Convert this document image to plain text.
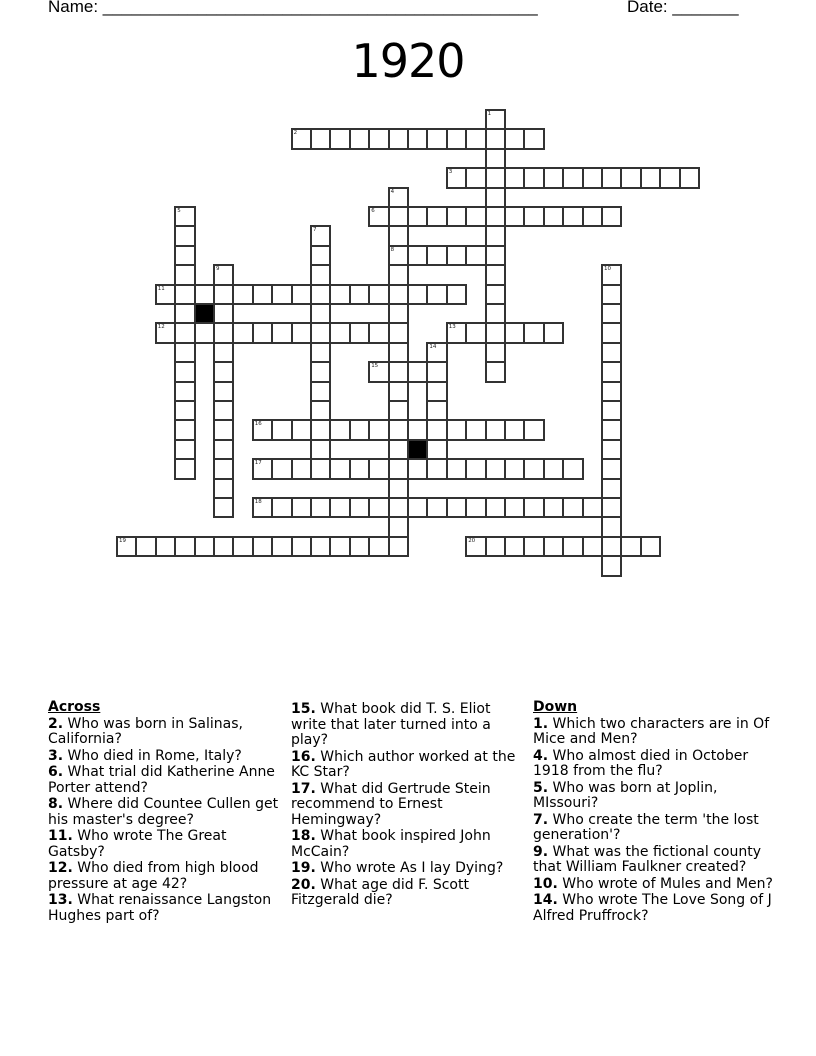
Name: ______________________________________________	Date: _______
1920
1
2
3
4
8
5	6
7
9	10
11
12	13
14
15
16
17
18
19	20
Across
2. Who was born in Salinas, California?
3. Who died in Rome, Italy?
6. What trial did Katherine Anne Porter attend?
8. Where did Countee Cullen get his master's degree?
11. Who wrote The Great Gatsby?
12. Who died from high blood pressure at age 42?
13. What renaissance Langston Hughes part of?
15. What book did T. S. Eliot write that later turned into a play?
16. Which author worked at the KC Star?
17. What did Gertrude Stein recommend to Ernest Hemingway?
18. What book inspired John McCain?
19. Who wrote As I lay Dying?
20. What age did F. Scott Fitzgerald die?
Down
1. Which two characters are in Of Mice and Men?
4. Who almost died in October 1918 from the flu?
5. Who was born at Joplin, MIssouri?
7. Who create the term 'the lost generation'?
9. What was the fictional county that William Faulkner created?
10. Who wrote of Mules and Men?
14. Who wrote The Love Song of J Alfred Pruffrock?
